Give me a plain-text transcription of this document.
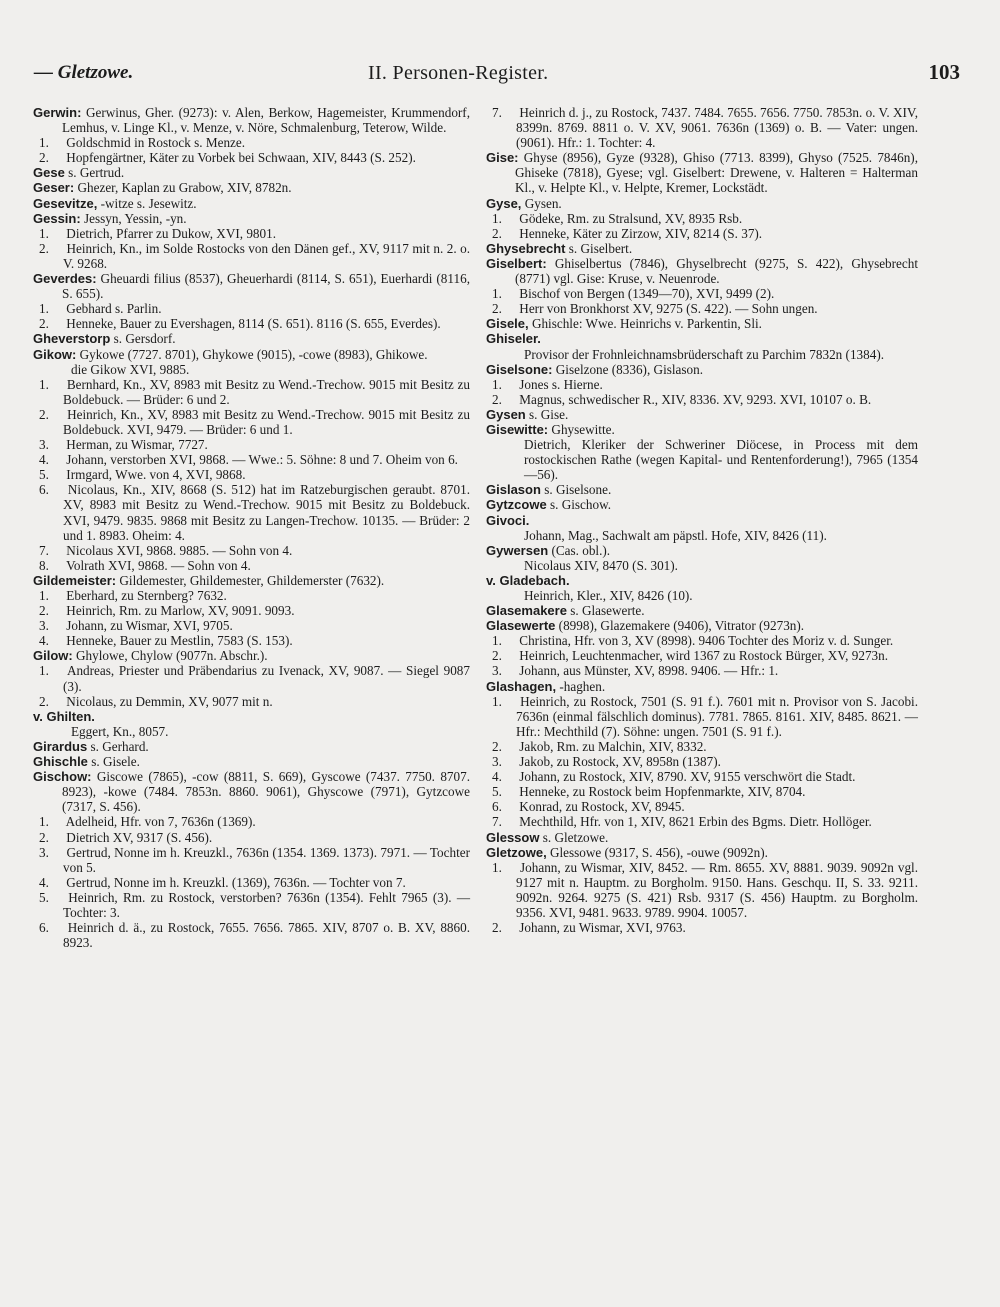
— Gletzowe.	II. Personen-Register.	103

Gerwin: Gerwinus, Gher. (9273): v. Alen, Berkow, Hagemeister, Krummendorf, Lemhus, v. Linge Kl., v. Menze, v. Nöre, Schmalenburg, Teterow, Wilde.

1. Goldschmid in Rostock s. Menze.

2. Hopfengärtner, Käter zu Vorbek bei Schwaan, XIV, 8443 (S. 252).

Gese s. Gertrud.

Geser: Ghezer, Kaplan zu Grabow, XIV, 8782n.

Gesevitze, -witze s. Jesewitz.

Gessin: Jessyn, Yessin, -yn.

1. Dietrich, Pfarrer zu Dukow, XVI, 9801.

2. Heinrich, Kn., im Solde Rostocks von den Dänen gef., XV, 9117 mit n. 2. o. V. 9268.

Geverdes: Gheuardi filius (8537), Gheuerhardi (8114, S. 651), Euerhardi (8116, S. 655).

1. Gebhard s. Parlin.

2. Henneke, Bauer zu Evershagen, 8114 (S. 651). 8116 (S. 655, Everdes).

Gheverstorp s. Gersdorf.

Gikow: Gykowe (7727. 8701), Ghykowe (9015), -cowe (8983), Ghikowe.

die Gikow XVI, 9885.

1. Bernhard, Kn., XV, 8983 mit Besitz zu Wend.-Trechow. 9015 mit Besitz zu Boldebuck. — Brüder: 6 und 2.

2. Heinrich, Kn., XV, 8983 mit Besitz zu Wend.-Trechow. 9015 mit Besitz zu Boldebuck. XVI, 9479. — Brüder: 6 und 1.

3. Herman, zu Wismar, 7727.

4. Johann, verstorben XVI, 9868. — Wwe.: 5. Söhne: 8 und 7. Oheim von 6.

5. Irmgard, Wwe. von 4, XVI, 9868.

6. Nicolaus, Kn., XIV, 8668 (S. 512) hat im Ratzeburgischen geraubt. 8701. XV, 8983 mit Besitz zu Wend.-Trechow. 9015 mit Besitz zu Boldebuck. XVI, 9479. 9835. 9868 mit Besitz zu Langen-Trechow. 10135. — Brüder: 2 und 1. 8983. Oheim: 4.

7. Nicolaus XVI, 9868. 9885. — Sohn von 4.

8. Volrath XVI, 9868. — Sohn von 4.

Gildemeister: Gildemester, Ghildemester, Ghildemerster (7632).

1. Eberhard, zu Sternberg? 7632.

2. Heinrich, Rm. zu Marlow, XV, 9091. 9093.

3. Johann, zu Wismar, XVI, 9705.

4. Henneke, Bauer zu Mestlin, 7583 (S. 153).

Gilow: Ghylowe, Chylow (9077n. Abschr.).

1. Andreas, Priester und Präbendarius zu Ivenack, XV, 9087. — Siegel 9087 (3).

2. Nicolaus, zu Demmin, XV, 9077 mit n.

v. Ghilten.

Eggert, Kn., 8057.

Girardus s. Gerhard.

Ghischle s. Gisele.

Gischow: Giscowe (7865), -cow (8811, S. 669), Gyscowe (7437. 7750. 8707. 8923), -kowe (7484. 7853n. 8860. 9061), Ghyscowe (7971), Gytzcowe (7317, S. 456).

1. Adelheid, Hfr. von 7, 7636n (1369).

2. Dietrich XV, 9317 (S. 456).

3. Gertrud, Nonne im h. Kreuzkl., 7636n (1354. 1369. 1373). 7971. — Tochter von 5.

4. Gertrud, Nonne im h. Kreuzkl. (1369), 7636n. — Tochter von 7.

5. Heinrich, Rm. zu Rostock, verstorben? 7636n (1354). Fehlt 7965 (3). — Tochter: 3.

6. Heinrich d. ä., zu Rostock, 7655. 7656. 7865. XIV, 8707 o. B. XV, 8860. 8923.

7. Heinrich d. j., zu Rostock, 7437. 7484. 7655. 7656. 7750. 7853n. o. V. XIV, 8399n. 8769. 8811 o. V. XV, 9061. 7636n (1369) o. B. — Vater: ungen. (9061). Hfr.: 1. Tochter: 4.

Gise: Ghyse (8956), Gyze (9328), Ghiso (7713. 8399), Ghyso (7525. 7846n), Ghiseke (7818), Gyese; vgl. Giselbert: Drewene, v. Halteren = Halterman Kl., v. Helpte Kl., v. Helpte, Kremer, Lockstädt.

Gyse, Gysen.

1. Gödeke, Rm. zu Stralsund, XV, 8935 Rsb.

2. Henneke, Käter zu Zirzow, XIV, 8214 (S. 37).

Ghysebrecht s. Giselbert.

Giselbert: Ghiselbertus (7846), Ghyselbrecht (9275, S. 422), Ghysebrecht (8771) vgl. Gise: Kruse, v. Neuenrode.

1. Bischof von Bergen (1349—70), XVI, 9499 (2).

2. Herr von Bronkhorst XV, 9275 (S. 422). — Sohn ungen.

Gisele, Ghischle: Wwe. Heinrichs v. Parkentin, Sli.

Ghiseler.

Provisor der Frohnleichnamsbrüderschaft zu Parchim 7832n (1384).

Giselsone: Giselzone (8336), Gislason.

1. Jones s. Hierne.

2. Magnus, schwedischer R., XIV, 8336. XV, 9293. XVI, 10107 o. B.

Gysen s. Gise.

Gisewitte: Ghysewitte.

Dietrich, Kleriker der Schweriner Diöcese, in Process mit dem rostockischen Rathe (wegen Kapital- und Rentenforderung!), 7965 (1354—56).

Gislason s. Giselsone.

Gytzcowe s. Gischow.

Givoci.

Johann, Mag., Sachwalt am päpstl. Hofe, XIV, 8426 (11).

Gywersen (Cas. obl.).

Nicolaus XIV, 8470 (S. 301).

v. Gladebach.

Heinrich, Kler., XIV, 8426 (10).

Glasemakere s. Glasewerte.

Glasewerte (8998), Glazemakere (9406), Vitrator (9273n).

1. Christina, Hfr. von 3, XV (8998). 9406 Tochter des Moriz v. d. Sunger.

2. Heinrich, Leuchtenmacher, wird 1367 zu Rostock Bürger, XV, 9273n.

3. Johann, aus Münster, XV, 8998. 9406. — Hfr.: 1.

Glashagen, -haghen.

1. Heinrich, zu Rostock, 7501 (S. 91 f.). 7601 mit n. Provisor von S. Jacobi. 7636n (einmal fälschlich dominus). 7781. 7865. 8161. XIV, 8485. 8621. — Hfr.: Mechthild (7). Söhne: ungen. 7501 (S. 91 f.).

2. Jakob, Rm. zu Malchin, XIV, 8332.

3. Jakob, zu Rostock, XV, 8958n (1387).

4. Johann, zu Rostock, XIV, 8790. XV, 9155 verschwört die Stadt.

5. Henneke, zu Rostock beim Hopfenmarkte, XIV, 8704.

6. Konrad, zu Rostock, XV, 8945.

7. Mechthild, Hfr. von 1, XIV, 8621 Erbin des Bgms. Dietr. Hollöger.

Glessow s. Gletzowe.

Gletzowe, Glessowe (9317, S. 456), -ouwe (9092n).

1. Johann, zu Wismar, XIV, 8452. — Rm. 8655. XV, 8881. 9039. 9092n vgl. 9127 mit n. Hauptm. zu Borgholm. 9150. Hans. Geschqu. II, S. 33. 9211. 9092n. 9264. 9275 (S. 421) Rsb. 9317 (S. 456) Hauptm. zu Borgholm. 9356. XVI, 9481. 9633. 9789. 9904. 10057.

2. Johann, zu Wismar, XVI, 9763.
